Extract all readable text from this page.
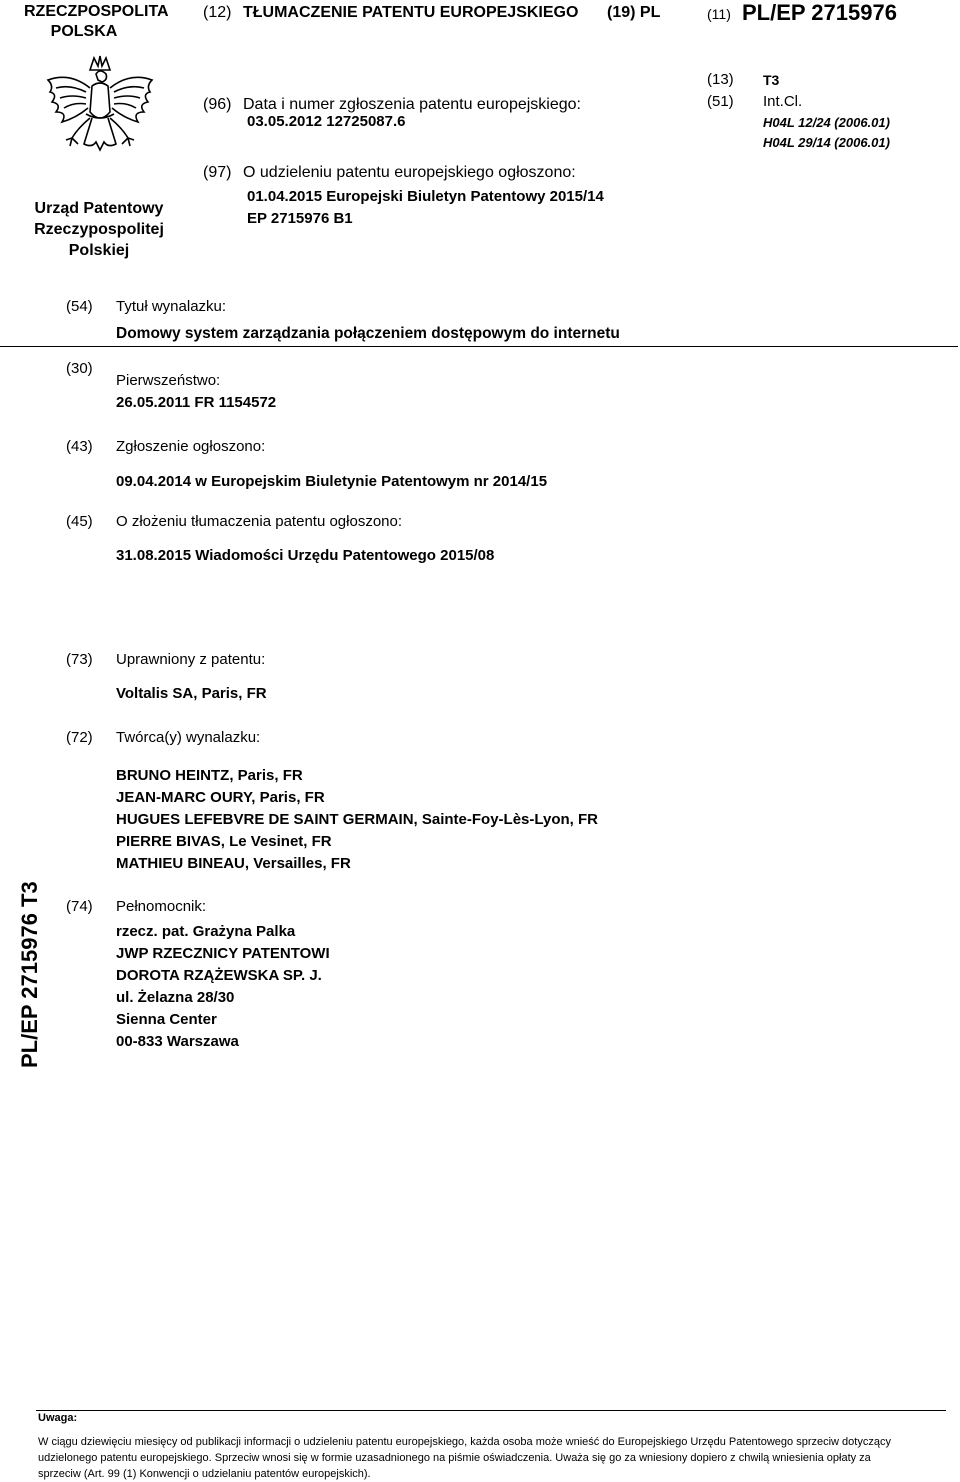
RZECZPOSPOLITA
POLSKA
(12) TŁUMACZENIE PATENTU EUROPEJSKIEGO (19) PL	(11) PL/EP 2715976
Urząd Patentowy
Rzeczypospolitej
Polskiej
(96) Data i numer zgłoszenia patentu europejskiego:
03.05.2012 12725087.6
(97) O udzieleniu patentu europejskiego ogłoszono:
01.04.2015 Europejski Biuletyn Patentowy 2015/14
EP 2715976 B1
(13) T3
(51) Int.Cl.
H04L 12/24 (2006.01)
H04L 29/14 (2006.01)
(54) Tytuł wynalazku:
Domowy system zarządzania połączeniem dostępowym do internetu
(30)
Pierwszeństwo:
26.05.2011 FR 1154572
(43) Zgłoszenie ogłoszono:
09.04.2014 w Europejskim Biuletynie Patentowym nr 2014/15
(45) O złożeniu tłumaczenia patentu ogłoszono:
31.08.2015 Wiadomości Urzędu Patentowego 2015/08
(73) Uprawniony z patentu:
Voltalis SA, Paris, FR
(72) Twórca(y) wynalazku:
BRUNO HEINTZ, Paris, FR
JEAN-MARC OURY, Paris, FR
HUGUES LEFEBVRE DE SAINT GERMAIN, Sainte-Foy-Lès-Lyon, FR
PIERRE BIVAS, Le Vesinet, FR
MATHIEU BINEAU, Versailles, FR
(74) Pełnomocnik:
rzecz. pat. Grażyna Palka
JWP RZECZNICY PATENTOWI
DOROTA RZĄŻEWSKA SP. J.
ul. Żelazna 28/30
Sienna Center
00-833 Warszawa
PL/EP 2715976 T3
Uwaga:
W ciągu dziewięciu miesięcy od publikacji informacji o udzieleniu patentu europejskiego, każda osoba może wnieść do Europejskiego Urzędu Patentowego sprzeciw dotyczący
udzielonego patentu europejskiego. Sprzeciw wnosi się w formie uzasadnionego na piśmie oświadczenia. Uważa się go za wniesiony dopiero z chwilą wniesienia opłaty za
sprzeciw (Art. 99 (1) Konwencji o udzielaniu patentów europejskich).
